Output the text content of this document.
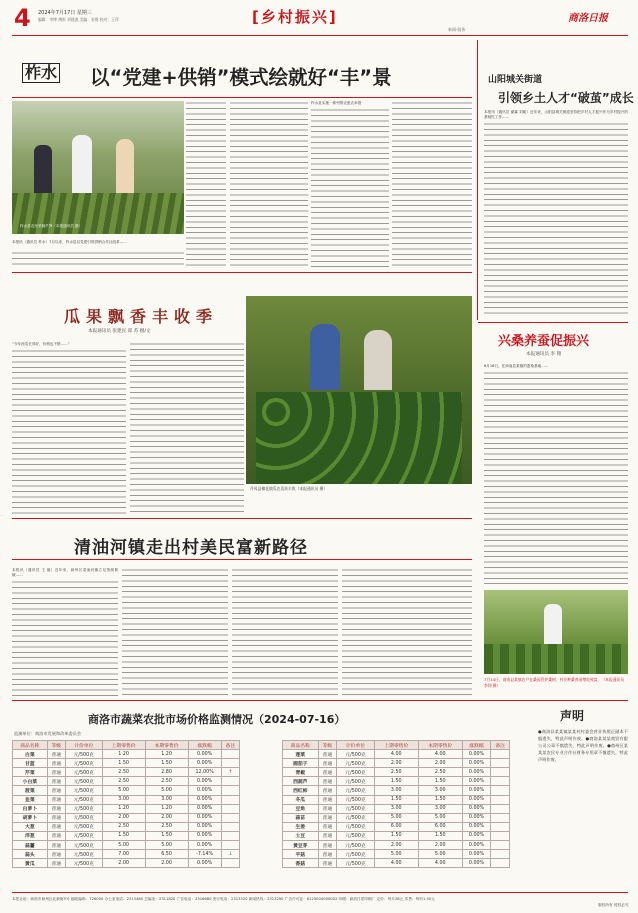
4 2024年7月17日 星期三
编辑：李博 傅彤 刘建波 美编：张维 校对：王萍	[乡村振兴]	商洛日报
新闻·服务
柞水 以“党建+供销”模式绘就好“丰”景
柞水县农民采摘芦笋（本报通讯员 摄）
本报讯（通讯员 柞水）7月以来，柞水县以党建引领供销合作社改革……
柞水县实施一系列帮农惠农举措
山阳城关街道
引领乡土人才“破茧”成长
本报讯（通讯员 谢霖 刘璇）近年来，山阳县城关街道坚持把乡村人才振兴作为乡村振兴的基础性工作……
瓜果飘香丰收季
本报通讯员 张建民 郑 苏 摄/文
“今年西瓜长得好，价格也不错……”
丹凤县棣花镇瓜农喜获丰收（本报通讯员 摄）
兴桑养蚕促振兴
本报通讯员 李 翔
6月16日，在商南县某镇的蚕桑基地……
7月14日，商南县某镇农户在桑园管护桑树，村民种桑养蚕增收致富。（本报通讯员 李翔 摄）
清油河镇走出村美民富新路径
本报讯（通讯员 王 毅）近年来，商州区清油河镇立足资源禀赋……
商洛市蔬菜农批市场价格监测情况（2024-07-16）
监测单位：商洛市发展和改革委员会
商品名称	等级	计价单位	上期零售价	本期零售价	涨跌幅	备注
白菜	普通	元/500克	1.20	1.20	0.00%	
甘蓝	普通	元/500克	1.50	1.50	0.00%	
芹菜	普通	元/500克	2.50	2.80	12.00%	↑
小白菜	普通	元/500克	2.50	2.50	0.00%	
菠菜	普通	元/500克	5.00	5.00	0.00%	
韭菜	普通	元/500克	3.00	3.00	0.00%	
白萝卜	普通	元/500克	1.20	1.20	0.00%	
胡萝卜	普通	元/500克	2.00	2.00	0.00%	
大葱	普通	元/500克	2.50	2.50	0.00%	
洋葱	普通	元/500克	1.50	1.50	0.00%	
蒜薹	普通	元/500克	5.00	5.00	0.00%	
蒜头	普通	元/500克	7.00	6.50	-7.14%	↓
黄瓜	普通	元/500克	2.00	2.00	0.00%	
商品名称	等级	计价单位	上期零售价	本期零售价	涨跌幅	备注
莲菜	普通	元/500克	4.00	4.00	0.00%	
圆茄子	普通	元/500克	2.00	2.00	0.00%	
青椒	普通	元/500克	2.50	2.50	0.00%	
西葫芦	普通	元/500克	1.50	1.50	0.00%	
西红柿	普通	元/500克	3.00	3.00	0.00%	
冬瓜	普通	元/500克	1.50	1.50	0.00%	
豆角	普通	元/500克	3.00	3.00	0.00%	
蒜苗	普通	元/500克	5.00	5.00	0.00%	
生姜	普通	元/500克	6.00	6.00	0.00%	
土豆	普通	元/500克	1.50	1.50	0.00%	
黄豆芽	普通	元/500克	2.00	2.00	0.00%	
平菇	普通	元/500克	5.00	5.00	0.00%	
香菇	普通	元/500克	4.00	4.00	0.00%	
声明
●商洛县某某镇某某村村委会营业执照正副本不慎遗失，特此声明作废。●商洛某某某商贸有限公司公章不慎遗失，特此声明作废。●商州区某某某农民专业合作社财务专用章不慎遗失，特此声明作废。
本报社址：商洛市商州区北新街5号 邮政编码：726000 办公室电话：2313480 总编室：2311820 广告电话：2316680 发行电话：2313320 新闻热线：2313290 广告许可证：6125004000002 印刷：商洛日报印刷厂 定价：每月28元 零售：每份1.50元
版权所有 侵权必究
